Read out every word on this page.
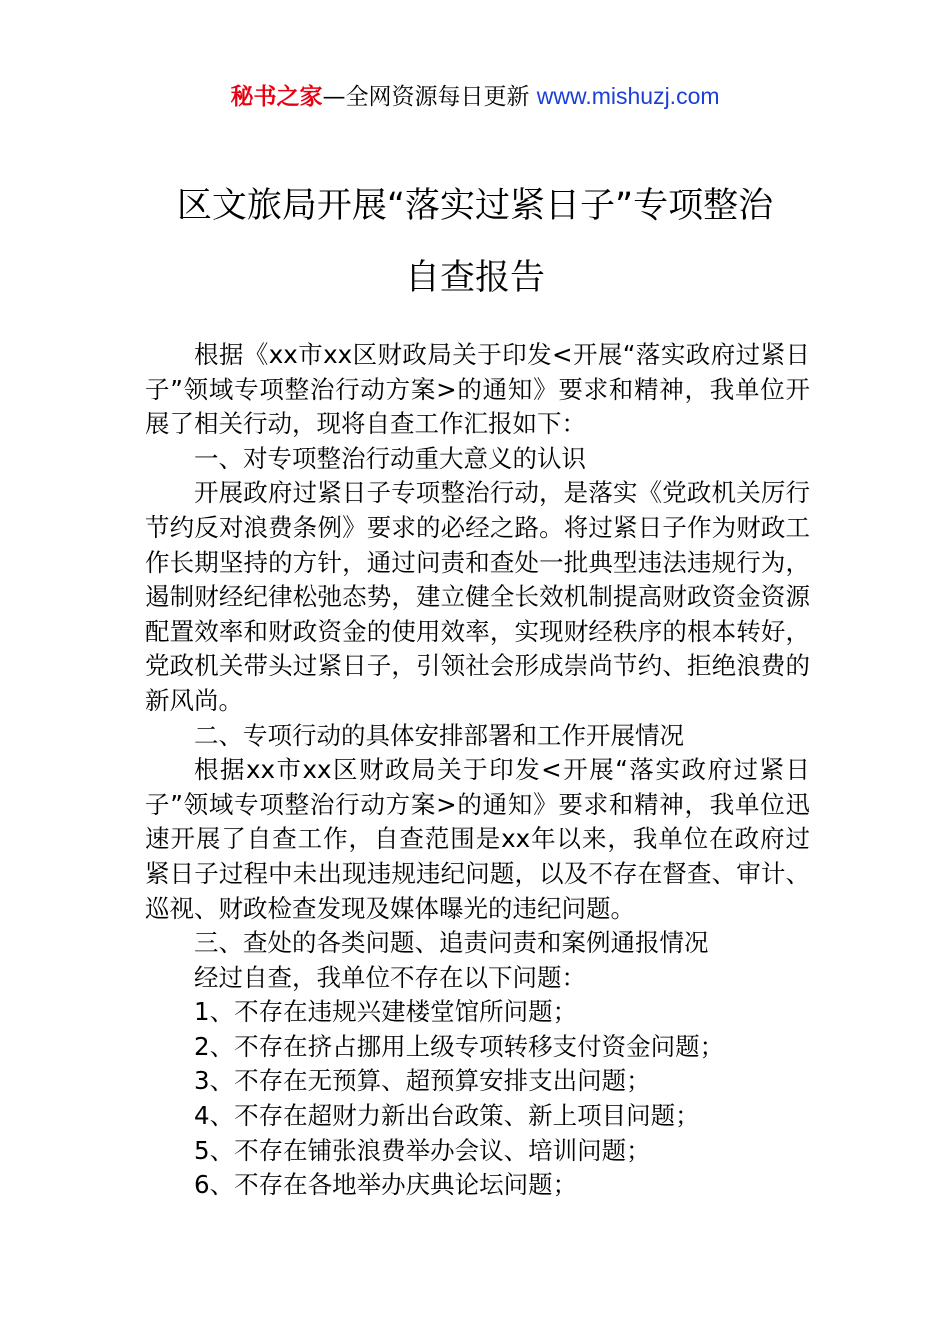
秘书之家—全网资源每日更新 www.mishuzj.com
区文旅局开展“落实过紧日子”专项整治
自查报告

根据《xx市xx区财政局关于印发<开展“落实政府过紧日子”领域专项整治行动方案>的通知》要求和精神，我单位开展了相关行动，现将自查工作汇报如下：

一、对专项整治行动重大意义的认识

开展政府过紧日子专项整治行动，是落实《党政机关厉行节约反对浪费条例》要求的必经之路。将过紧日子作为财政工作长期坚持的方针，通过问责和查处一批典型违法违规行为，遏制财经纪律松弛态势，建立健全长效机制提高财政资金资源配置效率和财政资金的使用效率，实现财经秩序的根本转好，党政机关带头过紧日子，引领社会形成崇尚节约、拒绝浪费的新风尚。

二、专项行动的具体安排部署和工作开展情况

根据xx市xx区财政局关于印发<开展“落实政府过紧日子”领域专项整治行动方案>的通知》要求和精神，我单位迅速开展了自查工作，自查范围是xx年以来，我单位在政府过紧日子过程中未出现违规违纪问题，以及不存在督查、审计、巡视、财政检查发现及媒体曝光的违纪问题。

三、查处的各类问题、追责问责和案例通报情况

经过自查，我单位不存在以下问题：

1、不存在违规兴建楼堂馆所问题；

2、不存在挤占挪用上级专项转移支付资金问题；

3、不存在无预算、超预算安排支出问题；

4、不存在超财力新出台政策、新上项目问题；

5、不存在铺张浪费举办会议、培训问题；

6、不存在各地举办庆典论坛问题；
